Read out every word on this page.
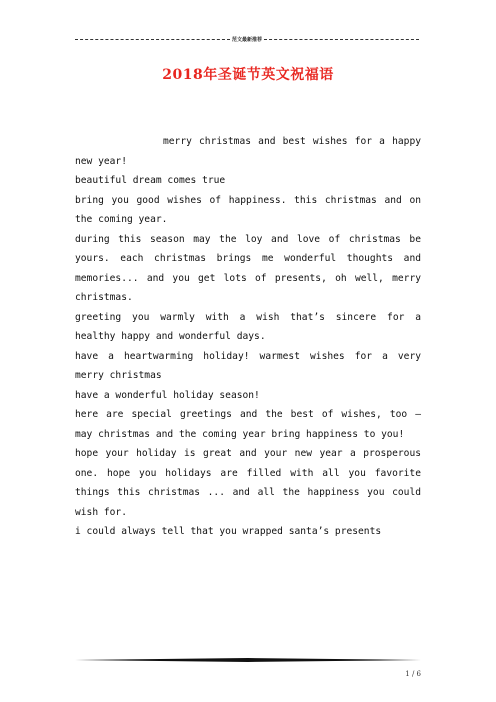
范文最新推荐
2018年圣诞节英文祝福语

merry christmas and best wishes for a happy new year!

beautiful dream comes true

bring you good wishes of happiness. this christmas and on the coming year.

during this season may the loy and love of christmas be yours. each christmas brings me wonderful thoughts and memories... and you get lots of presents, oh well, merry christmas.

greeting you warmly with a wish that’s sincere for a healthy happy and wonderful days.

have a heartwarming holiday! warmest wishes for a very merry christmas

have a wonderful holiday season!

here are special greetings and the best of wishes, too – may christmas and the coming year bring happiness to you!

hope your holiday is great and your new year a prosperous one. hope you holidays are filled with all you favorite things this christmas ... and all the happiness you could wish for.

i could always tell that you wrapped santa’s presents

1 / 6
